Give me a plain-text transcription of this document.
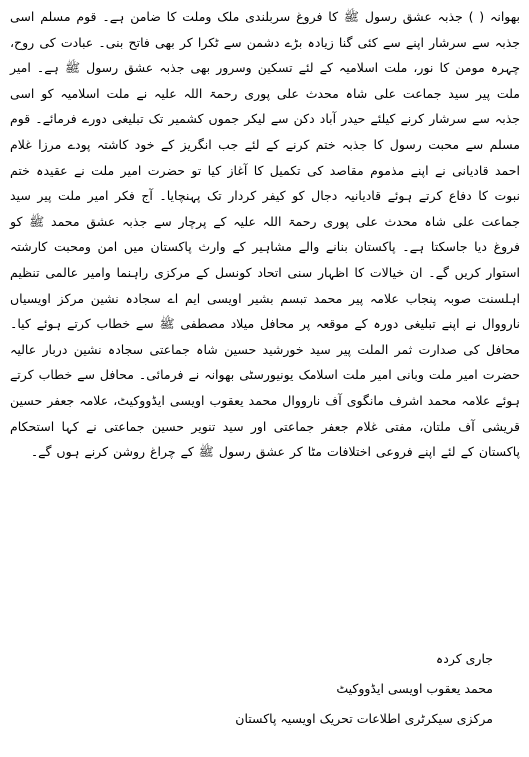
بھوانہ ( ) جذبہ عشق رسول ﷺ کا فروغ سربلندی ملک وملت کا ضامن ہے۔ قوم مسلم اسی جذبہ سے سرشار اپنے سے کئی گنا زیادہ بڑے دشمن سے ٹکرا کر بھی فاتح بنی۔ عبادت کی روح، چہرہ مومن کا نور، ملت اسلامیہ کے لئے تسکین وسرور بھی جذبہ عشق رسول ﷺ ہے۔ امیر ملت پیر سید جماعت علی شاہ محدث علی پوری رحمۃ اللہ علیہ نے ملت اسلامیہ کو اسی جذبہ سے سرشار کرنے کیلئے حیدر آباد دکن سے لیکر جموں کشمیر تک تبلیغی دورے فرمائے۔ قوم مسلم سے محبت رسول کا جذبہ ختم کرنے کے لئے جب انگریز کے خود کاشتہ پودے مرزا غلام احمد قادیانی نے اپنے مذموم مقاصد کی تکمیل کا آغاز کیا تو حضرت امیر ملت نے عقیدہ ختم نبوت کا دفاع کرتے ہوئے قادیانیہ دجال کو کیفر کردار تک پہنچایا۔ آج فکر امیر ملت پیر سید جماعت علی شاہ محدث علی پوری رحمۃ اللہ علیہ کے پرچار سے جذبہ عشق محمد ﷺ کو فروغ دیا جاسکتا ہے۔ پاکستان بنانے والے مشاہیر کے وارث پاکستان میں امن ومحبت کارشتہ استوار کریں گے۔ ان خیالات کا اظہار سنی اتحاد کونسل کے مرکزی راہنما وامیر عالمی تنظیم اہلسنت صوبہ پنجاب علامہ پیر محمد تبسم بشیر اویسی ایم اے سجادہ نشین مرکز اویسیاں نارووال نے اپنے تبلیغی دورہ کے موقعہ پر محافل میلاد مصطفی ﷺ سے خطاب کرتے ہوئے کیا۔ محافل کی صدارت ثمر الملت پیر سید خورشید حسین شاہ جماعتی سجادہ نشین دربار عالیہ حضرت امیر ملت وبانی امیر ملت اسلامک یونیورسٹی بھوانہ نے فرمائی۔ محافل سے خطاب کرتے ہوئے علامہ محمد اشرف مانگوی آف نارووال محمد یعقوب اویسی ایڈووکیٹ، علامہ جعفر حسین قریشی آف ملتان، مفتی غلام جعفر جماعتی اور سید تنویر حسین جماعتی نے کہا استحکام پاکستان کے لئے اپنے فروعی اختلافات مٹا کر عشق رسول ﷺ کے چراغ روشن کرنے ہوں گے۔

جاری کردہ
محمد یعقوب اویسی ایڈووکیٹ
مرکزی سیکرٹری اطلاعات تحریک اویسیہ پاکستان
